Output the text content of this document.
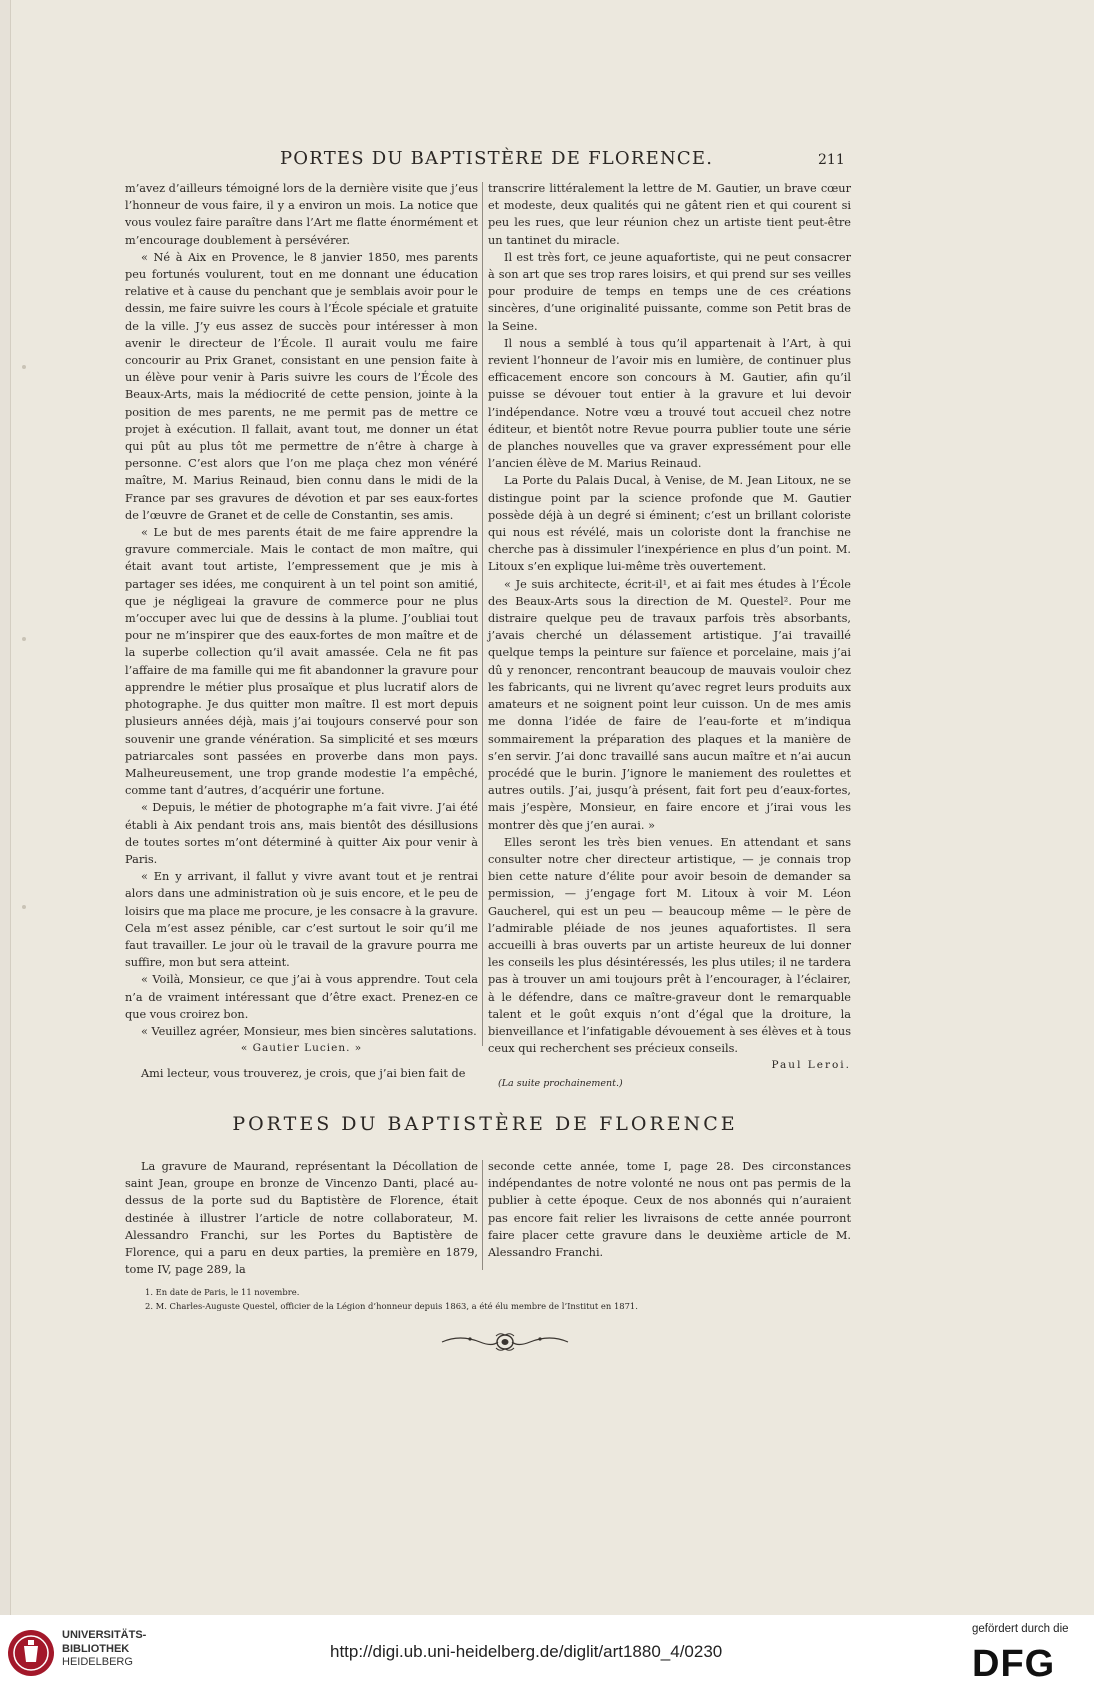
PORTES DU BAPTISTÈRE DE FLORENCE.	211

m’avez d’ailleurs témoigné lors de la dernière visite que j’eus l’honneur de vous faire, il y a environ un mois. La notice que vous voulez faire paraître dans l’Art me flatte énormément et m’encourage doublement à persévérer.

« Né à Aix en Provence, le 8 janvier 1850, mes parents peu fortunés voulurent, tout en me donnant une éducation relative et à cause du penchant que je semblais avoir pour le dessin, me faire suivre les cours à l’École spéciale et gratuite de la ville. J’y eus assez de succès pour intéresser à mon avenir le directeur de l’École. Il aurait voulu me faire concourir au Prix Granet, consistant en une pension faite à un élève pour venir à Paris suivre les cours de l’École des Beaux-Arts, mais la médiocrité de cette pension, jointe à la position de mes parents, ne me permit pas de mettre ce projet à exécution. Il fallait, avant tout, me donner un état qui pût au plus tôt me permettre de n’être à charge à personne. C’est alors que l’on me plaça chez mon vénéré maître, M. Marius Reinaud, bien connu dans le midi de la France par ses gravures de dévotion et par ses eaux-fortes de l’œuvre de Granet et de celle de Constantin, ses amis.

« Le but de mes parents était de me faire apprendre la gravure commerciale. Mais le contact de mon maître, qui était avant tout artiste, l’empressement que je mis à partager ses idées, me conquirent à un tel point son amitié, que je négligeai la gravure de commerce pour ne plus m’occuper avec lui que de dessins à la plume. J’oubliai tout pour ne m’inspirer que des eaux-fortes de mon maître et de la superbe collection qu’il avait amassée. Cela ne fit pas l’affaire de ma famille qui me fit abandonner la gravure pour apprendre le métier plus prosaïque et plus lucratif alors de photographe. Je dus quitter mon maître. Il est mort depuis plusieurs années déjà, mais j’ai toujours conservé pour son souvenir une grande vénération. Sa simplicité et ses mœurs patriarcales sont passées en proverbe dans mon pays. Malheureusement, une trop grande modestie l’a empêché, comme tant d’autres, d’acquérir une fortune.

« Depuis, le métier de photographe m’a fait vivre. J’ai été établi à Aix pendant trois ans, mais bientôt des désillusions de toutes sortes m’ont déterminé à quitter Aix pour venir à Paris.

« En y arrivant, il fallut y vivre avant tout et je rentrai alors dans une administration où je suis encore, et le peu de loisirs que ma place me procure, je les consacre à la gravure. Cela m’est assez pénible, car c’est surtout le soir qu’il me faut travailler. Le jour où le travail de la gravure pourra me suffire, mon but sera atteint.

« Voilà, Monsieur, ce que j’ai à vous apprendre. Tout cela n’a de vraiment intéressant que d’être exact. Prenez-en ce que vous croirez bon.

« Veuillez agréer, Monsieur, mes bien sincères salutations.

« Gautier Lucien. »

Ami lecteur, vous trouverez, je crois, que j’ai bien fait de

transcrire littéralement la lettre de M. Gautier, un brave cœur et modeste, deux qualités qui ne gâtent rien et qui courent si peu les rues, que leur réunion chez un artiste tient peut-être un tantinet du miracle.

Il est très fort, ce jeune aquafortiste, qui ne peut consacrer à son art que ses trop rares loisirs, et qui prend sur ses veilles pour produire de temps en temps une de ces créations sincères, d’une originalité puissante, comme son Petit bras de la Seine.

Il nous a semblé à tous qu’il appartenait à l’Art, à qui revient l’honneur de l’avoir mis en lumière, de continuer plus efficacement encore son concours à M. Gautier, afin qu’il puisse se dévouer tout entier à la gravure et lui devoir l’indépendance. Notre vœu a trouvé tout accueil chez notre éditeur, et bientôt notre Revue pourra publier toute une série de planches nouvelles que va graver expressément pour elle l’ancien élève de M. Marius Reinaud.

La Porte du Palais Ducal, à Venise, de M. Jean Litoux, ne se distingue point par la science profonde que M. Gautier possède déjà à un degré si éminent; c’est un brillant coloriste qui nous est révélé, mais un coloriste dont la franchise ne cherche pas à dissimuler l’inexpérience en plus d’un point. M. Litoux s’en explique lui-même très ouvertement.

« Je suis architecte, écrit-il¹, et ai fait mes études à l’École des Beaux-Arts sous la direction de M. Questel². Pour me distraire quelque peu de travaux parfois très absorbants, j’avais cherché un délassement artistique. J’ai travaillé quelque temps la peinture sur faïence et porcelaine, mais j’ai dû y renoncer, rencontrant beaucoup de mauvais vouloir chez les fabricants, qui ne livrent qu’avec regret leurs produits aux amateurs et ne soignent point leur cuisson. Un de mes amis me donna l’idée de faire de l’eau-forte et m’indiqua sommairement la préparation des plaques et la manière de s’en servir. J’ai donc travaillé sans aucun maître et n’ai aucun procédé que le burin. J’ignore le maniement des roulettes et autres outils. J’ai, jusqu’à présent, fait fort peu d’eaux-fortes, mais j’espère, Monsieur, en faire encore et j’irai vous les montrer dès que j’en aurai. »

Elles seront les très bien venues. En attendant et sans consulter notre cher directeur artistique, — je connais trop bien cette nature d’élite pour avoir besoin de demander sa permission, — j’engage fort M. Litoux à voir M. Léon Gaucherel, qui est un peu — beaucoup même — le père de l’admirable pléiade de nos jeunes aquafortistes. Il sera accueilli à bras ouverts par un artiste heureux de lui donner les conseils les plus désintéressés, les plus utiles; il ne tardera pas à trouver un ami toujours prêt à l’encourager, à l’éclairer, à le défendre, dans ce maître-graveur dont le remarquable talent et le goût exquis n’ont d’égal que la droiture, la bienveillance et l’infatigable dévouement à ses élèves et à tous ceux qui recherchent ses précieux conseils.

Paul Leroi.

(La suite prochainement.)

PORTES DU BAPTISTÈRE DE FLORENCE

La gravure de Maurand, représentant la Décollation de saint Jean, groupe en bronze de Vincenzo Danti, placé au-dessus de la porte sud du Baptistère de Florence, était destinée à illustrer l’article de notre collaborateur, M. Alessandro Franchi, sur les Portes du Baptistère de Florence, qui a paru en deux parties, la première en 1879, tome IV, page 289, la

seconde cette année, tome I, page 28. Des circonstances indépendantes de notre volonté ne nous ont pas permis de la publier à cette époque. Ceux de nos abonnés qui n’auraient pas encore fait relier les livraisons de cette année pourront faire placer cette gravure dans le deuxième article de M. Alessandro Franchi.

1. En date de Paris, le 11 novembre.
2. M. Charles-Auguste Questel, officier de la Légion d’honneur depuis 1863, a été élu membre de l’Institut en 1871.
UNIVERSITÄTS-
BIBLIOTHEK
HEIDELBERG
http://digi.ub.uni-heidelberg.de/diglit/art1880_4/0230
gefördert durch die
DFG
